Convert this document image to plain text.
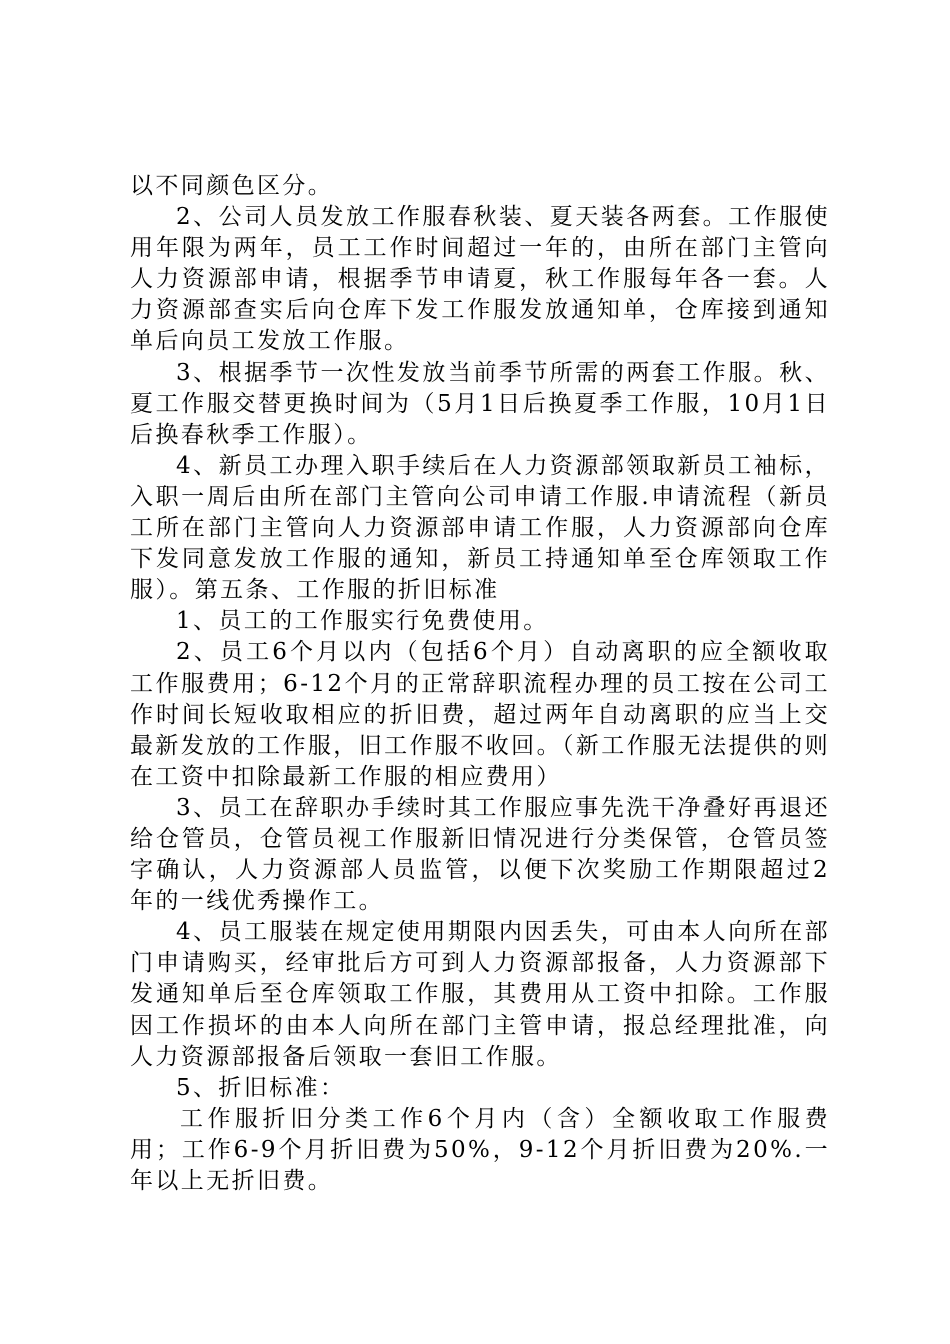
以不同颜色区分。

2、公司人员发放工作服春秋装、夏天装各两套。工作服使用年限为两年，员工工作时间超过一年的，由所在部门主管向人力资源部申请，根据季节申请夏，秋工作服每年各一套。人力资源部查实后向仓库下发工作服发放通知单，仓库接到通知单后向员工发放工作服。

3、根据季节一次性发放当前季节所需的两套工作服。秋、夏工作服交替更换时间为（5月1日后换夏季工作服，10月1日后换春秋季工作服）。

4、新员工办理入职手续后在人力资源部领取新员工袖标，入职一周后由所在部门主管向公司申请工作服.申请流程（新员工所在部门主管向人力资源部申请工作服，人力资源部向仓库下发同意发放工作服的通知，新员工持通知单至仓库领取工作服）。第五条、工作服的折旧标准

1、员工的工作服实行免费使用。

2、员工6个月以内（包括6个月）自动离职的应全额收取工作服费用；6-12个月的正常辞职流程办理的员工按在公司工作时间长短收取相应的折旧费，超过两年自动离职的应当上交最新发放的工作服，旧工作服不收回。（新工作服无法提供的则在工资中扣除最新工作服的相应费用）

3、员工在辞职办手续时其工作服应事先洗干净叠好再退还给仓管员，仓管员视工作服新旧情况进行分类保管，仓管员签字确认，人力资源部人员监管，以便下次奖励工作期限超过2年的一线优秀操作工。

4、员工服装在规定使用期限内因丢失，可由本人向所在部门申请购买，经审批后方可到人力资源部报备，人力资源部下发通知单后至仓库领取工作服，其费用从工资中扣除。工作服因工作损坏的由本人向所在部门主管申请，报总经理批准，向人力资源部报备后领取一套旧工作服。

5、折旧标准：

工作服折旧分类工作6个月内（含）全额收取工作服费用；工作6-9个月折旧费为50%，9-12个月折旧费为20%.一年以上无折旧费。
